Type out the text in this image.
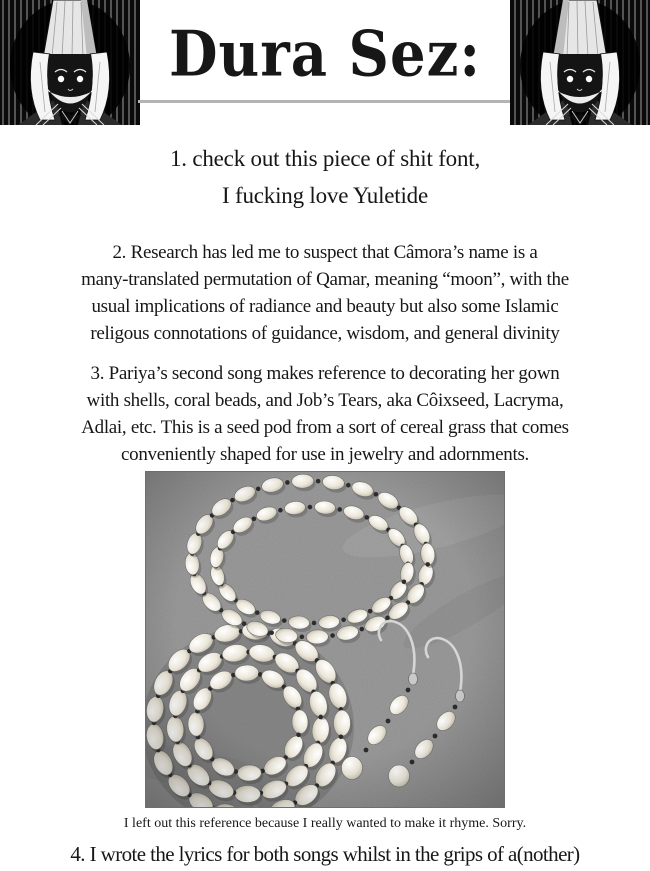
Dura Sez:
1. check out this piece of shit font,
I fucking love Yuletide
2. Research has led me to suspect that Câmora’s name is a
many-translated permutation of Qamar, meaning “moon”, with the
usual implications of radiance and beauty but also some Islamic
religous connotations of guidance, wisdom, and general divinity
3. Pariya’s second song makes reference to decorating her gown
with shells, coral beads, and Job’s Tears, aka Côixseed, Lacryma,
Adlai, etc. This is a seed pod from a sort of cereal grass that comes
conveniently shaped for use in jewelry and adornments.
I left out this reference because I really wanted to make it rhyme. Sorry.
4. I wrote the lyrics for both songs whilst in the grips of a(nother)
